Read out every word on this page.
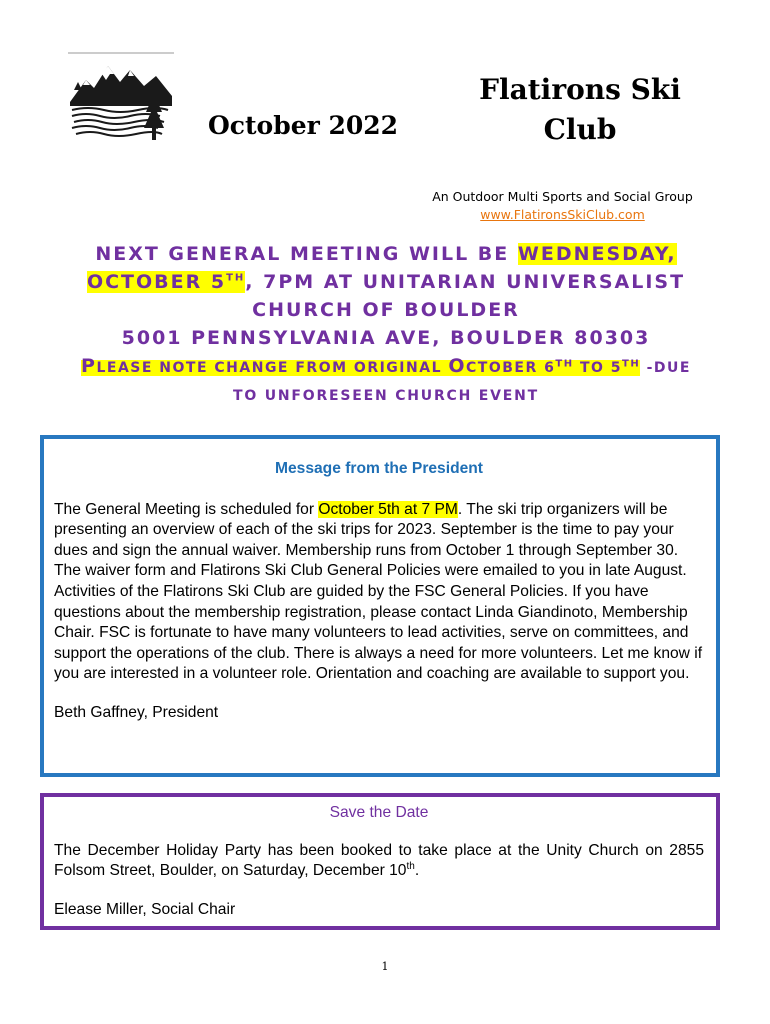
October 2022
Flatirons Ski Club
An Outdoor Multi Sports and Social Group
www.FlatironsSkiClub.com
NEXT GENERAL MEETING WILL BE WEDNESDAY,
OCTOBER 5TH, 7PM AT UNITARIAN UNIVERSALIST
CHURCH OF BOULDER
5001 PENNSYLVANIA AVE, BOULDER 80303
PLEASE NOTE CHANGE FROM ORIGINAL OCTOBER 6TH TO 5TH -DUE
TO UNFORESEEN CHURCH EVENT
Message from the President

The General Meeting is scheduled for October 5th at 7 PM. The ski trip organizers will be presenting an overview of each of the ski trips for 2023. September is the time to pay your dues and sign the annual waiver. Membership runs from October 1 through September 30. The waiver form and Flatirons Ski Club General Policies were emailed to you in late August. Activities of the Flatirons Ski Club are guided by the FSC General Policies. If you have questions about the membership registration, please contact Linda Giandinoto, Membership Chair. FSC is fortunate to have many volunteers to lead activities, serve on committees, and support the operations of the club. There is always a need for more volunteers. Let me know if you are interested in a volunteer role. Orientation and coaching are available to support you.

Beth Gaffney, President

Save the Date

The December Holiday Party has been booked to take place at the Unity Church on 2855 Folsom Street, Boulder, on Saturday, December 10th.

Elease Miller, Social Chair

1
